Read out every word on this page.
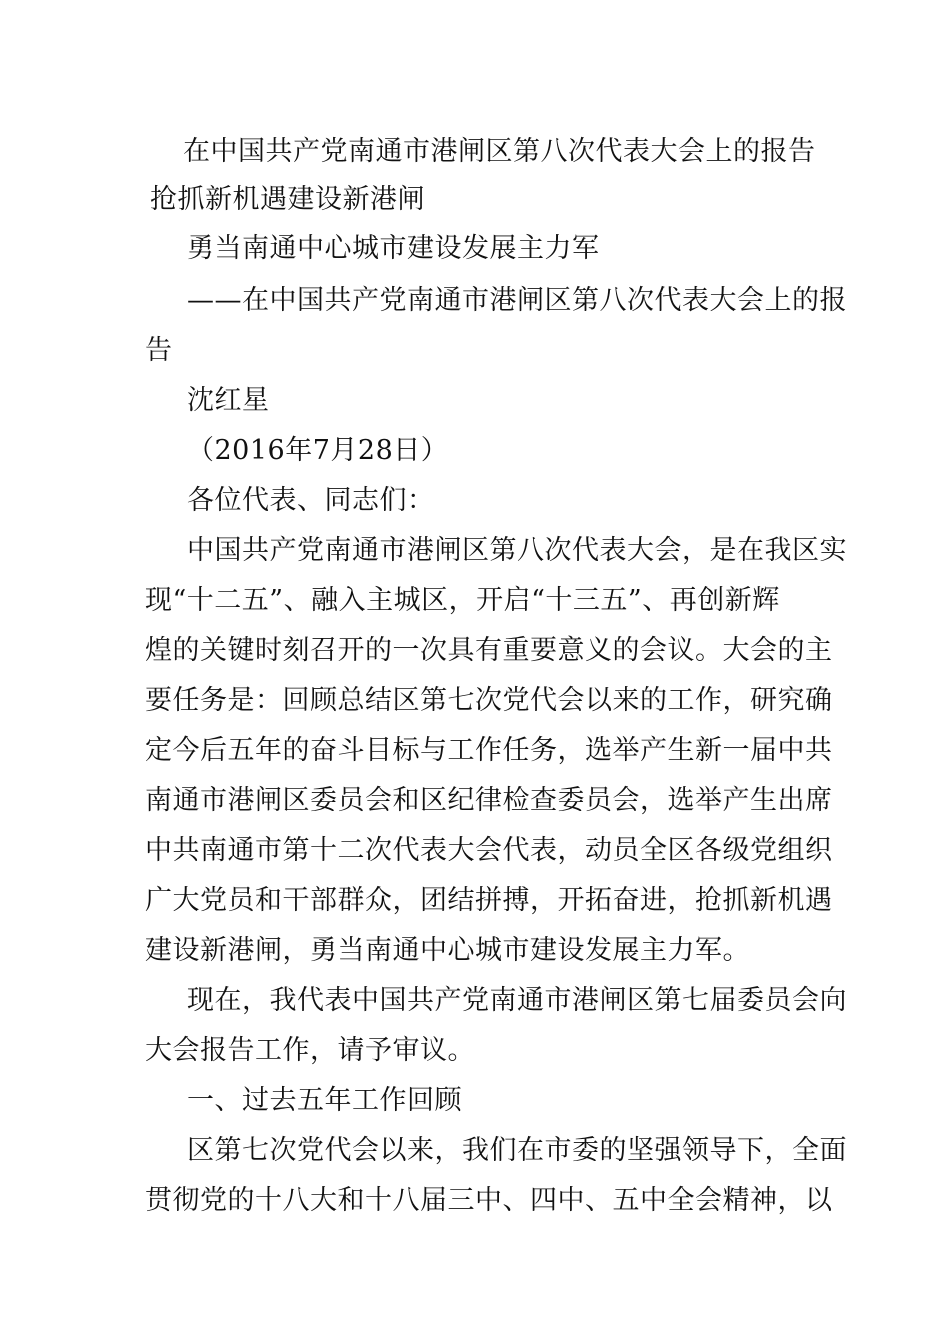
在中国共产党南通市港闸区第八次代表大会上的报告
抢抓新机遇建设新港闸
勇当南通中心城市建设发展主力军
——在中国共产党南通市港闸区第八次代表大会上的报
告
沈红星
（2016年7月28日）
各位代表、同志们：
中国共产党南通市港闸区第八次代表大会，是在我区实
现“十二五”、融入主城区，开启“十三五”、再创新辉
煌的关键时刻召开的一次具有重要意义的会议。大会的主
要任务是：回顾总结区第七次党代会以来的工作，研究确
定今后五年的奋斗目标与工作任务，选举产生新一届中共
南通市港闸区委员会和区纪律检查委员会，选举产生出席
中共南通市第十二次代表大会代表，动员全区各级党组织
广大党员和干部群众，团结拼搏，开拓奋进，抢抓新机遇
建设新港闸，勇当南通中心城市建设发展主力军。
现在，我代表中国共产党南通市港闸区第七届委员会向
大会报告工作，请予审议。
一、过去五年工作回顾
区第七次党代会以来，我们在市委的坚强领导下，全面
贯彻党的十八大和十八届三中、四中、五中全会精神，以
